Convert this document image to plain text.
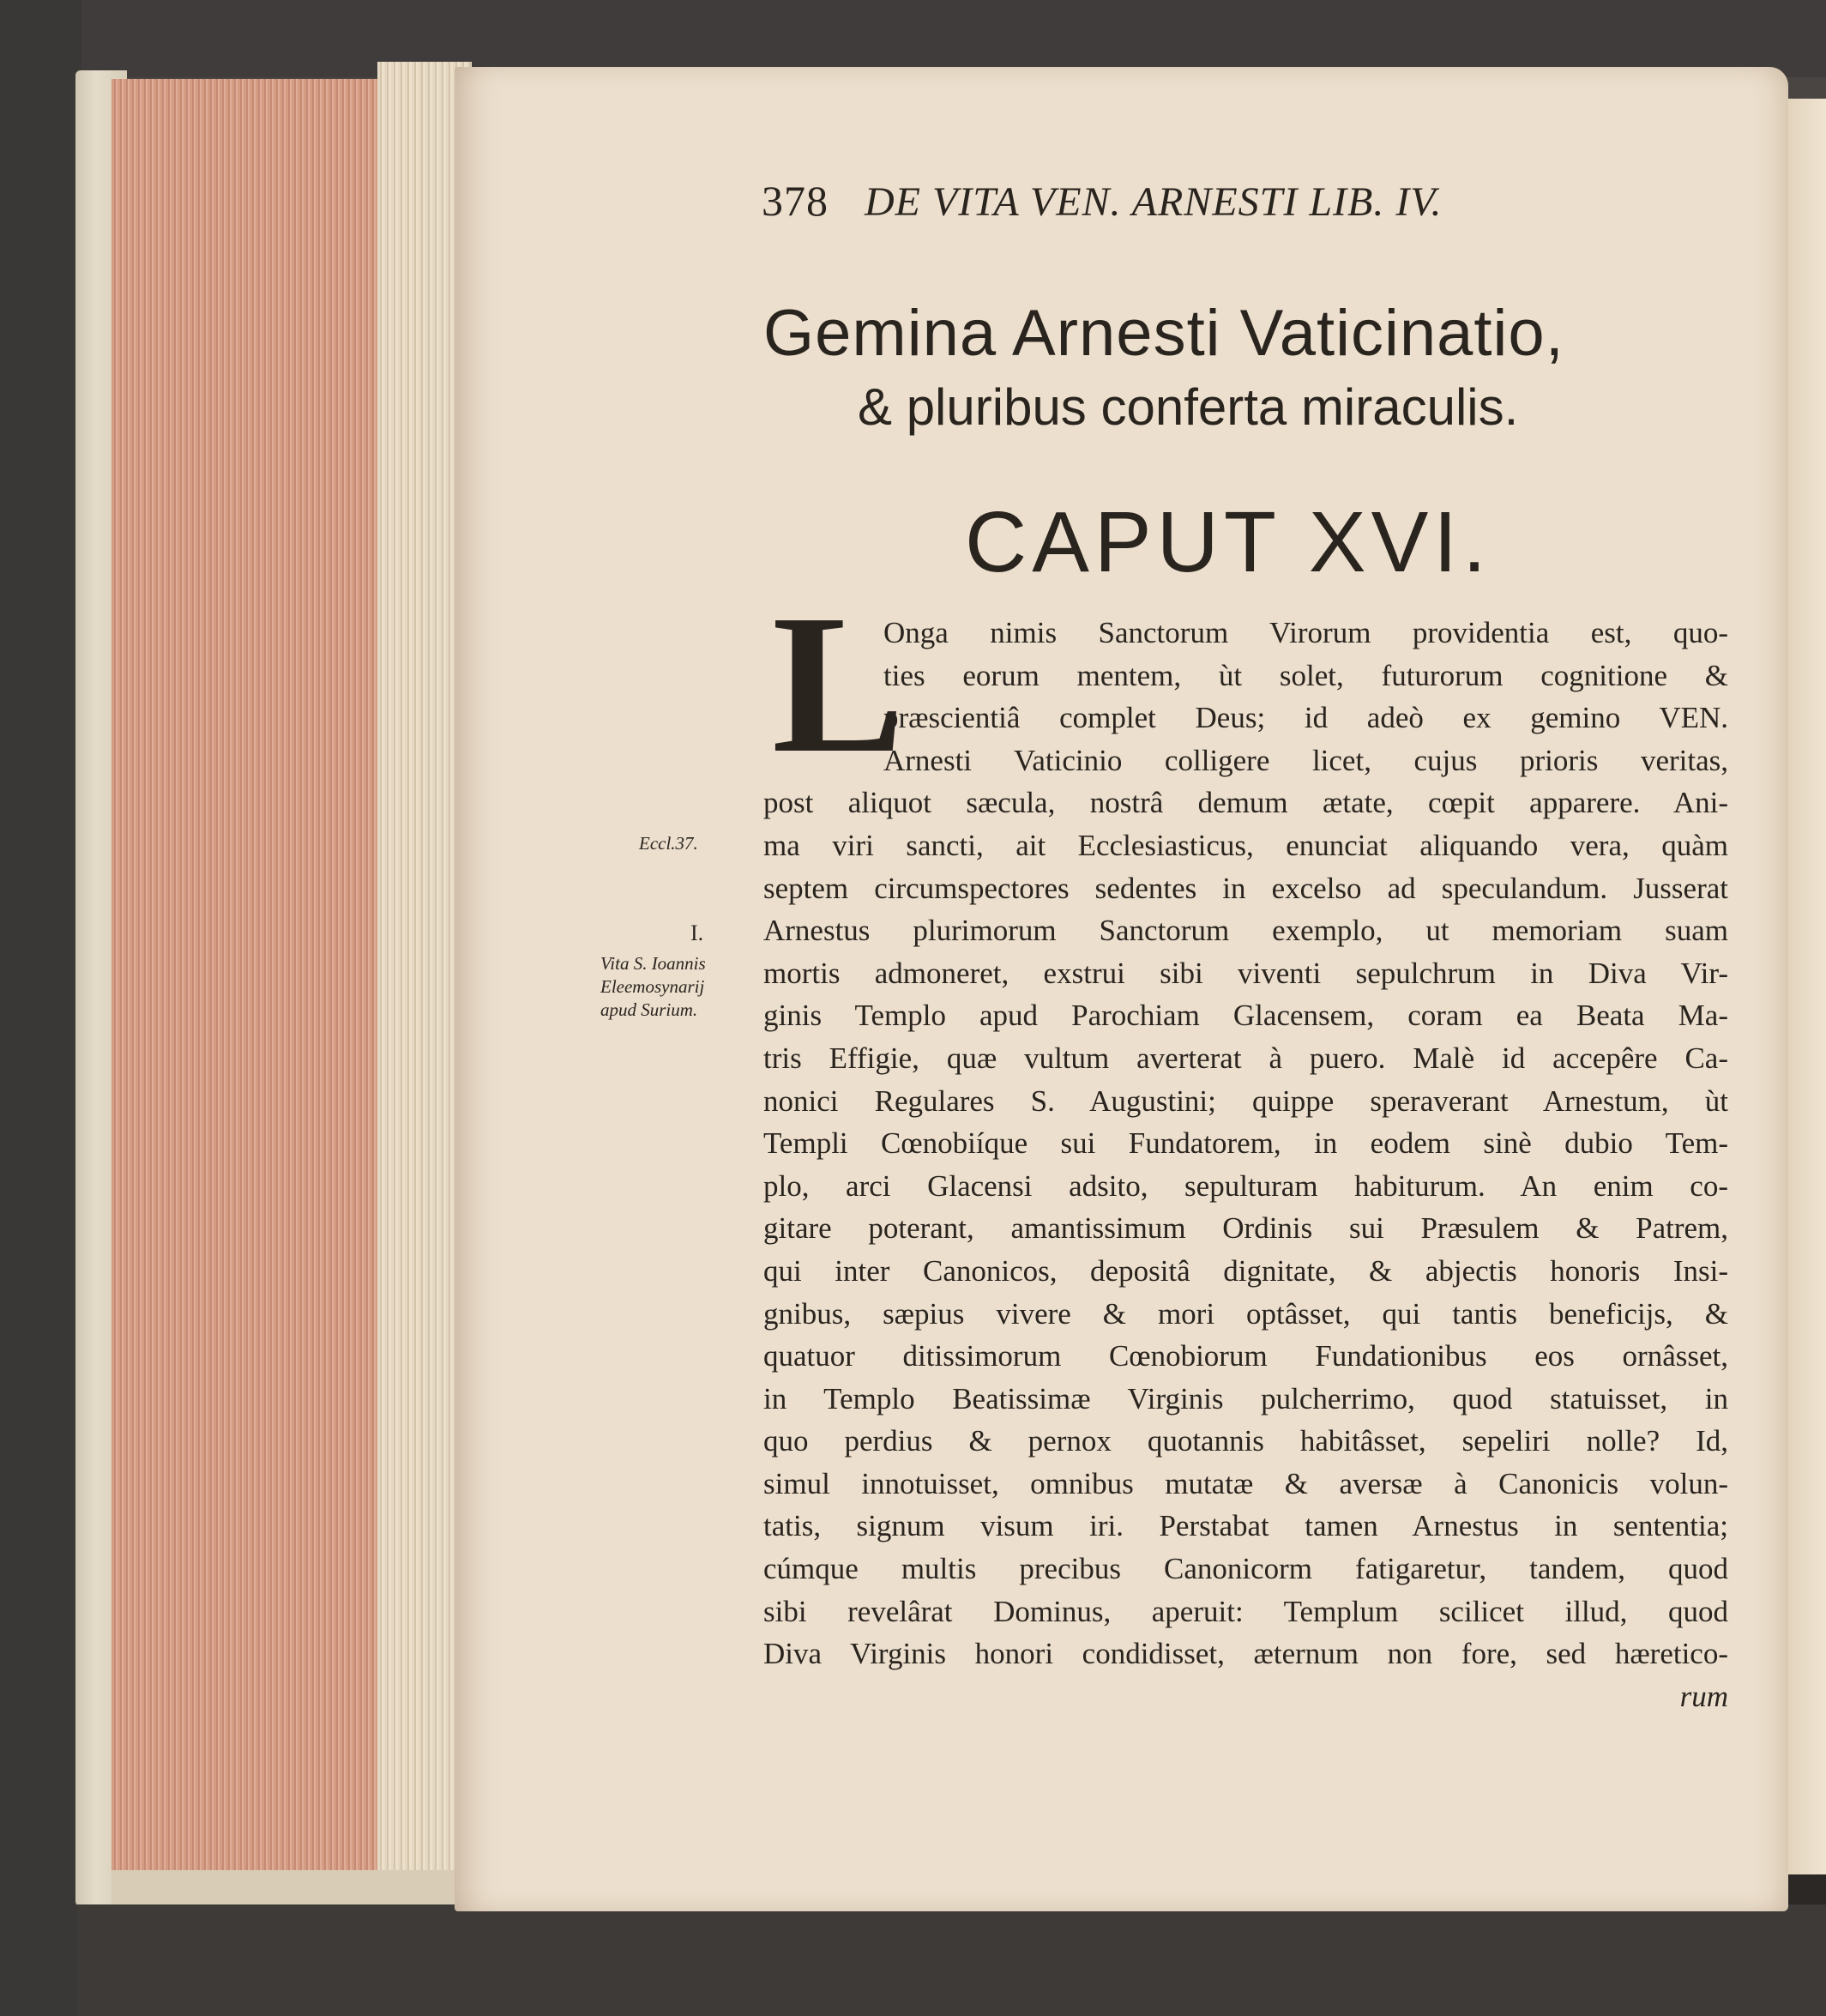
378 DE VITA VEN. ARNESTI LIB. IV.
Gemina Arnesti Vaticinatio,
& pluribus conferta miraculis.
CAPUT XVI.
L
Eccl.37.
I.
Vita S. Ioannis
Eleemosynarij
apud Surium.
Onga nimis Sanctorum Virorum providentia est, quo-
ties eorum mentem, ùt solet, futurorum cognitione &
præscientiâ complet Deus; id adeò ex gemino VEN.
Arnesti Vaticinio colligere licet, cujus prioris veritas,
post aliquot sæcula, nostrâ demum ætate, cœpit apparere. Ani-
ma viri sancti, ait Ecclesiasticus, enunciat aliquando vera, quàm
septem circumspectores sedentes in excelso ad speculandum. Jusserat
Arnestus plurimorum Sanctorum exemplo, ut memoriam suam
mortis admoneret, exstrui sibi viventi sepulchrum in Diva Vir-
ginis Templo apud Parochiam Glacensem, coram ea Beata Ma-
tris Effigie, quæ vultum averterat à puero. Malè id accepêre Ca-
nonici Regulares S. Augustini; quippe speraverant Arnestum, ùt
Templi Cœnobiíque sui Fundatorem, in eodem sinè dubio Tem-
plo, arci Glacensi adsito, sepulturam habiturum. An enim co-
gitare poterant, amantissimum Ordinis sui Præsulem & Patrem,
qui inter Canonicos, depositâ dignitate, & abjectis honoris Insi-
gnibus, sæpius vivere & mori optâsset, qui tantis beneficijs, &
quatuor ditissimorum Cœnobiorum Fundationibus eos ornâsset,
in Templo Beatissimæ Virginis pulcherrimo, quod statuisset, in
quo perdius & pernox quotannis habitâsset, sepeliri nolle? Id,
simul innotuisset, omnibus mutatæ & aversæ à Canonicis volun-
tatis, signum visum iri. Perstabat tamen Arnestus in sententia;
cúmque multis precibus Canonicorm fatigaretur, tandem, quod
sibi revelârat Dominus, aperuit: Templum scilicet illud, quod
Diva Virginis honori condidisset, æternum non fore, sed hæretico-
rum
